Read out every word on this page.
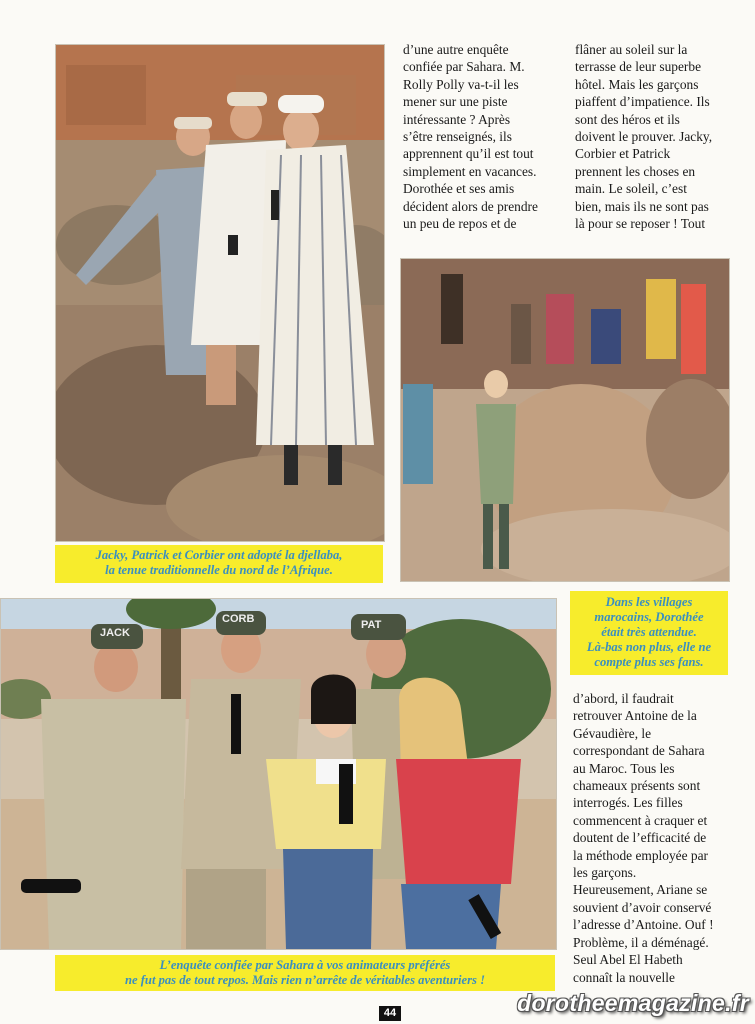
Jacky, Patrick et Corbier ont adopté la djellaba,
la tenue traditionnelle du nord de l’Afrique.
d’une autre enquête
confiée par Sahara. M.
Rolly Polly va-t-il les
mener sur une piste
intéressante ? Après
s’être renseignés, ils
apprennent qu’il est tout
simplement en vacances.
Dorothée et ses amis
décident alors de prendre
un peu de repos et de
flâner au soleil sur la
terrasse de leur superbe
hôtel. Mais les garçons
piaffent d’impatience. Ils
sont des héros et ils
doivent le prouver. Jacky,
Corbier et Patrick
prennent les choses en
main. Le soleil, c’est
bien, mais ils ne sont pas
là pour se reposer ! Tout
Dans les villages
marocains, Dorothée
était très attendue.
Là-bas non plus, elle ne
compte plus ses fans.
JACK
CORB	PAT
L’enquête confiée par Sahara à vos animateurs préférés
ne fut pas de tout repos. Mais rien n’arrête de véritables aventuriers !
d’abord, il faudrait
retrouver Antoine de la
Gévaudière, le
correspondant de Sahara
au Maroc. Tous les
chameaux présents sont
interrogés. Les filles
commencent à craquer et
doutent de l’efficacité de
la méthode employée par
les garçons.
Heureusement, Ariane se
souvient d’avoir conservé
l’adresse d’Antoine. Ouf !
Problème, il a déménagé.
Seul Abel El Habeth
connaît la nouvelle
44	dorotheemagazine.fr
